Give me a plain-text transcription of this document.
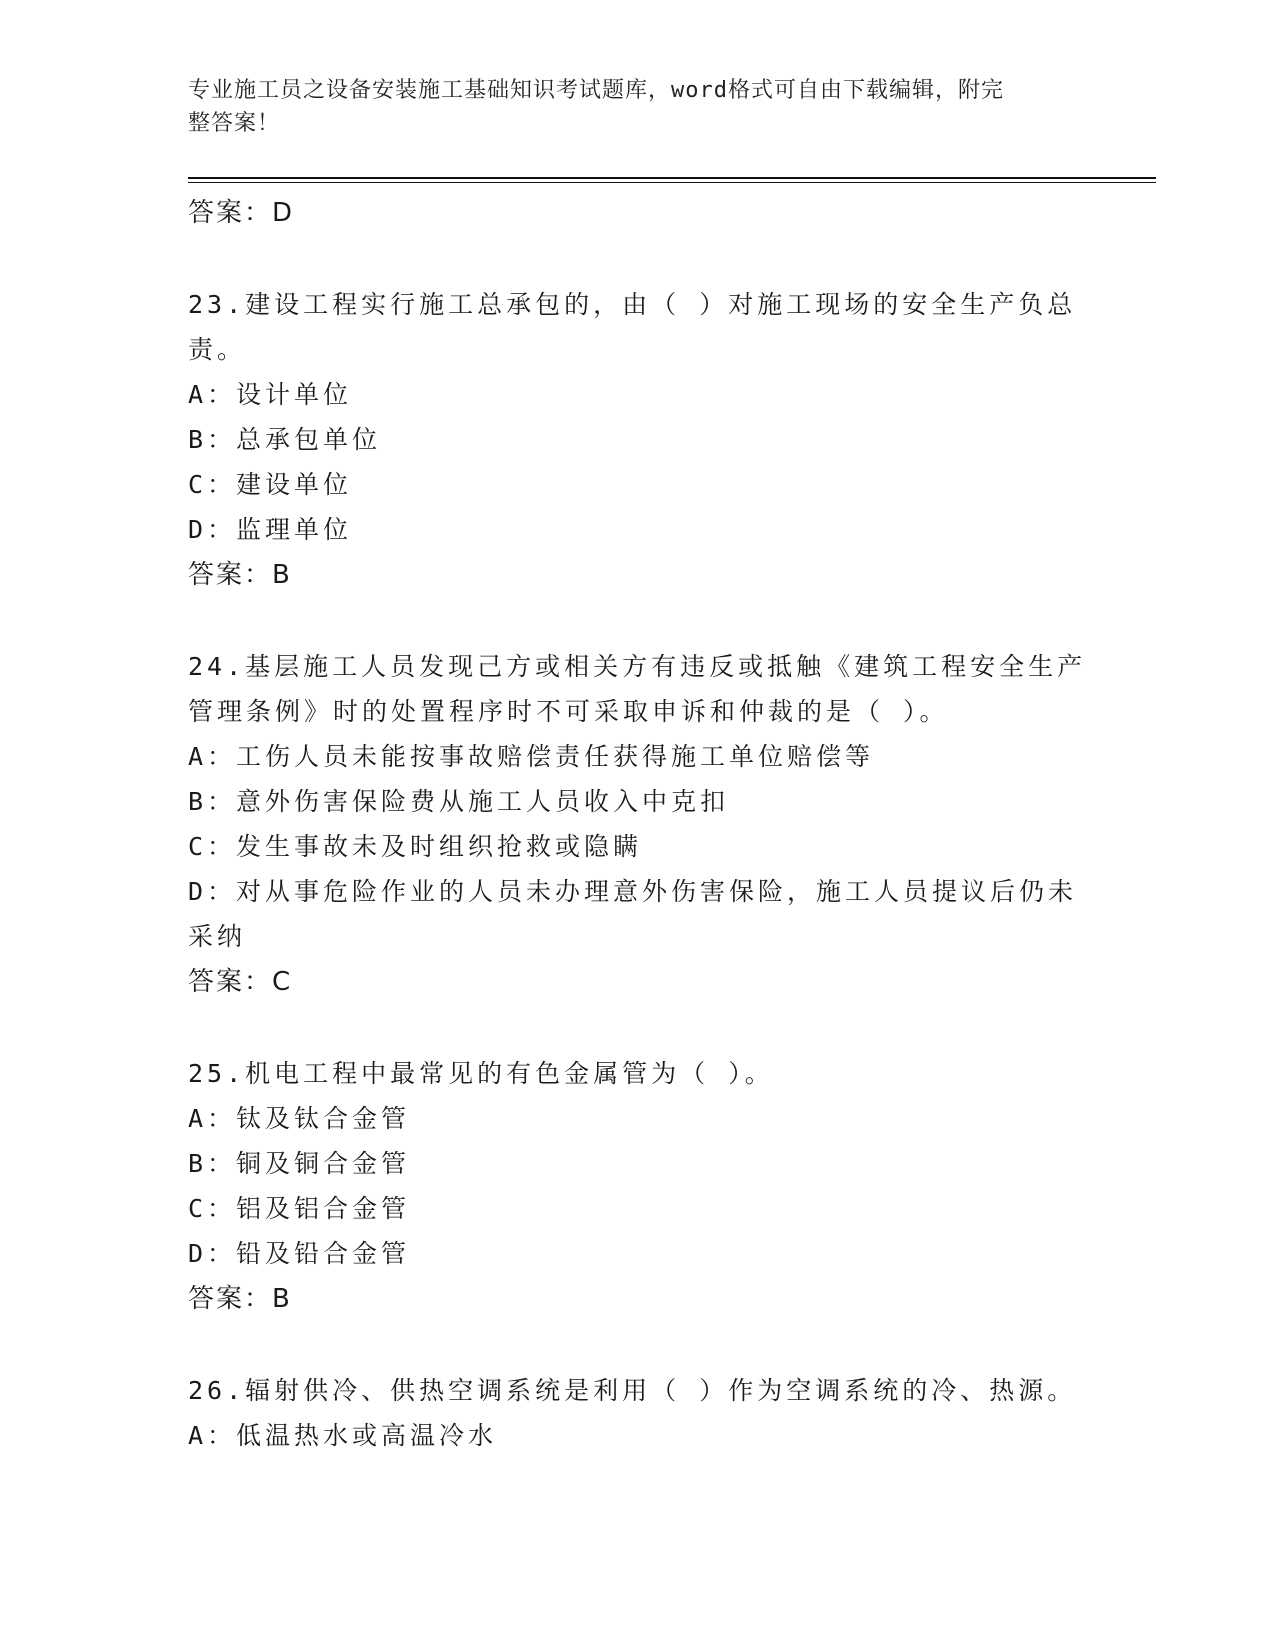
专业施工员之设备安装施工基础知识考试题库，word格式可自由下载编辑，附完
整答案！
答案：D
23.建设工程实行施工总承包的，由（ ）对施工现场的安全生产负总
责。
A：设计单位
B：总承包单位
C：建设单位
D：监理单位
答案：B
24.基层施工人员发现己方或相关方有违反或抵触《建筑工程安全生产
管理条例》时的处置程序时不可采取申诉和仲裁的是（ ）。
A：工伤人员未能按事故赔偿责任获得施工单位赔偿等
B：意外伤害保险费从施工人员收入中克扣
C：发生事故未及时组织抢救或隐瞒
D：对从事危险作业的人员未办理意外伤害保险，施工人员提议后仍未
采纳
答案：C
25.机电工程中最常见的有色金属管为（ ）。
A：钛及钛合金管
B：铜及铜合金管
C：铝及铝合金管
D：铅及铅合金管
答案：B
26.辐射供冷、供热空调系统是利用（ ）作为空调系统的冷、热源。
A：低温热水或高温冷水
